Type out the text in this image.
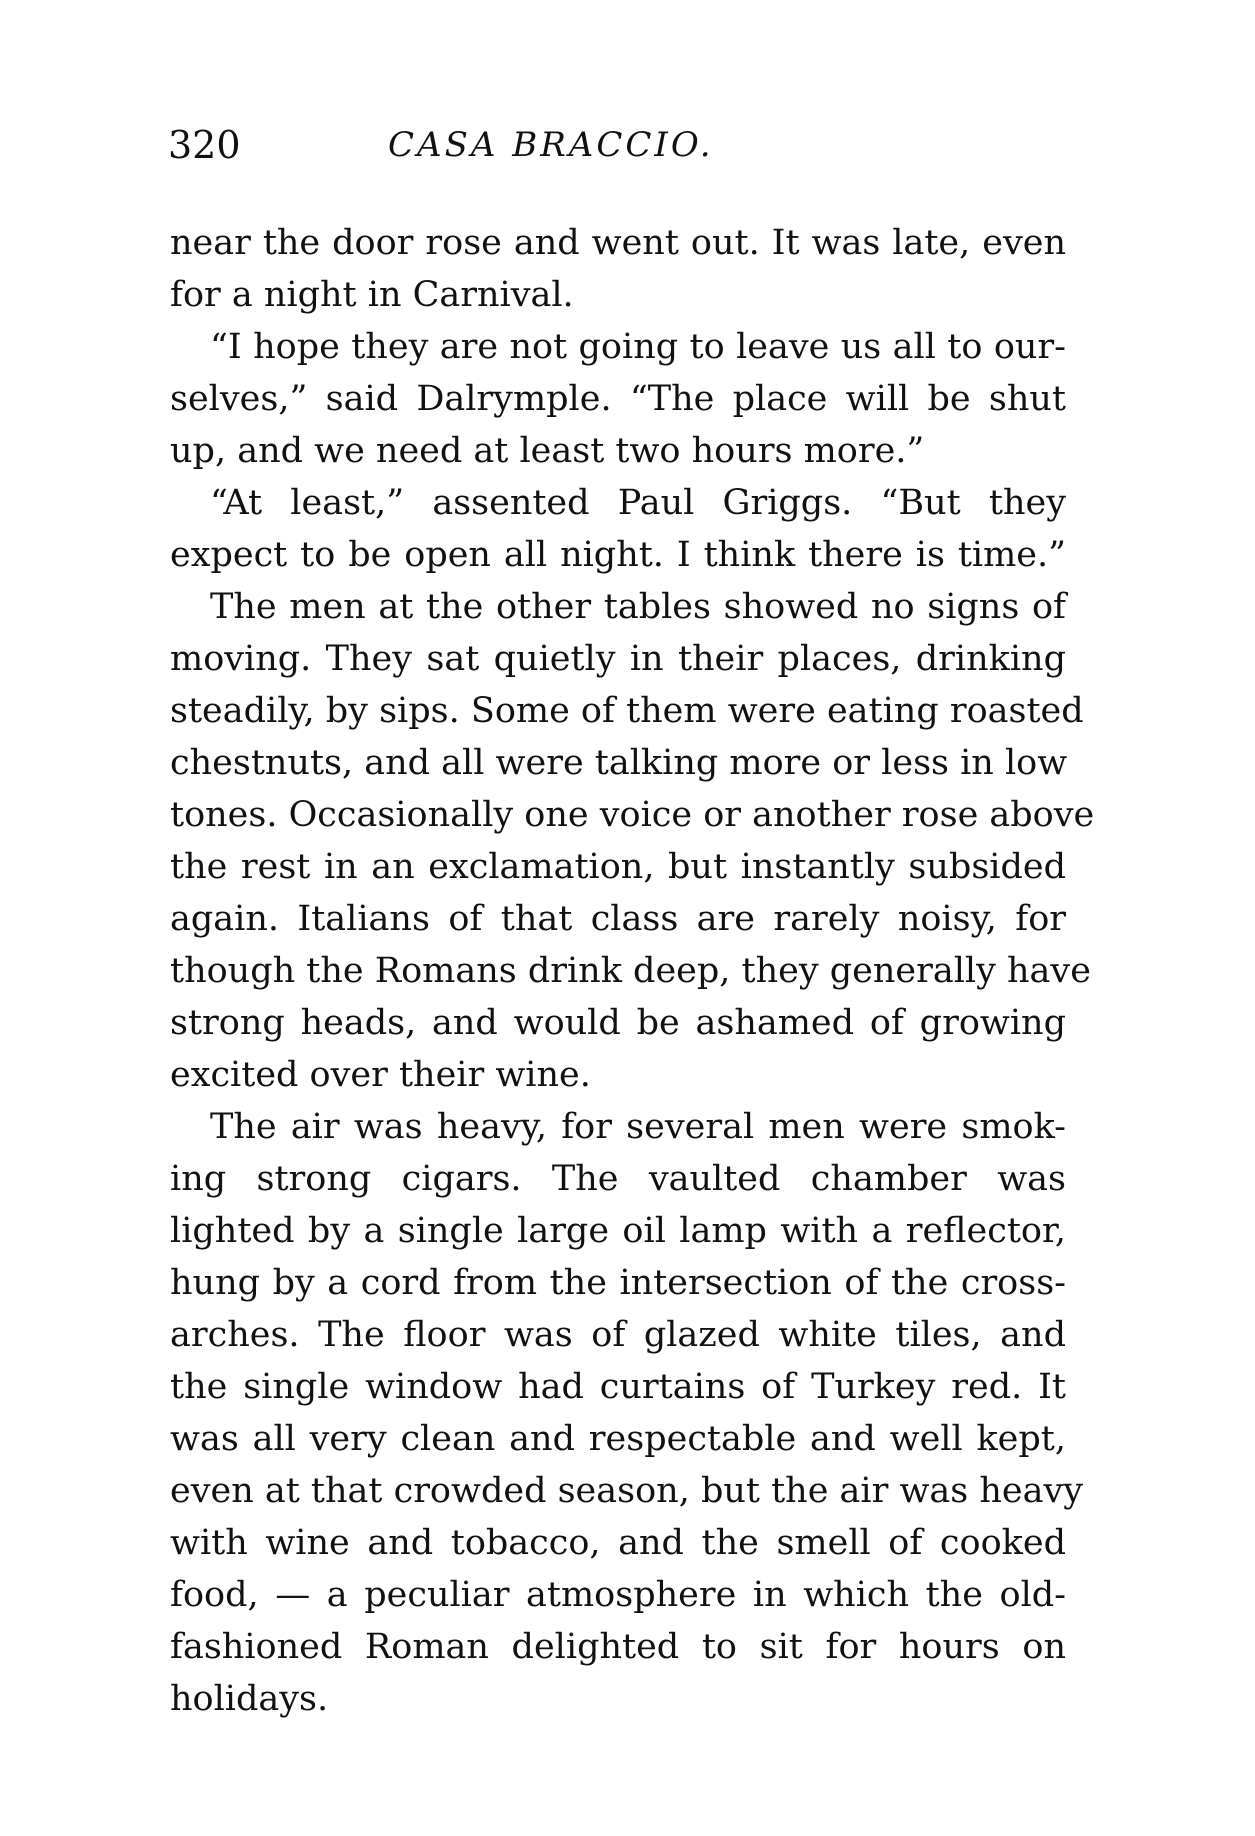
320	CASA BRACCIO.
near the door rose and went out. It was late, even
for a night in Carnival.
“I hope they are not going to leave us all to our-
selves,” said Dalrymple. “The place will be shut
up, and we need at least two hours more.”
“At least,” assented Paul Griggs. “But they
expect to be open all night. I think there is time.”
The men at the other tables showed no signs of
moving. They sat quietly in their places, drinking
steadily, by sips. Some of them were eating roasted
chestnuts, and all were talking more or less in low
tones. Occasionally one voice or another rose above
the rest in an exclamation, but instantly subsided
again. Italians of that class are rarely noisy, for
though the Romans drink deep, they generally have
strong heads, and would be ashamed of growing
excited over their wine.
The air was heavy, for several men were smok-
ing strong cigars. The vaulted chamber was
lighted by a single large oil lamp with a reflector,
hung by a cord from the intersection of the cross-
arches. The floor was of glazed white tiles, and
the single window had curtains of Turkey red. It
was all very clean and respectable and well kept,
even at that crowded season, but the air was heavy
with wine and tobacco, and the smell of cooked
food, — a peculiar atmosphere in which the old-
fashioned Roman delighted to sit for hours on
holidays.
